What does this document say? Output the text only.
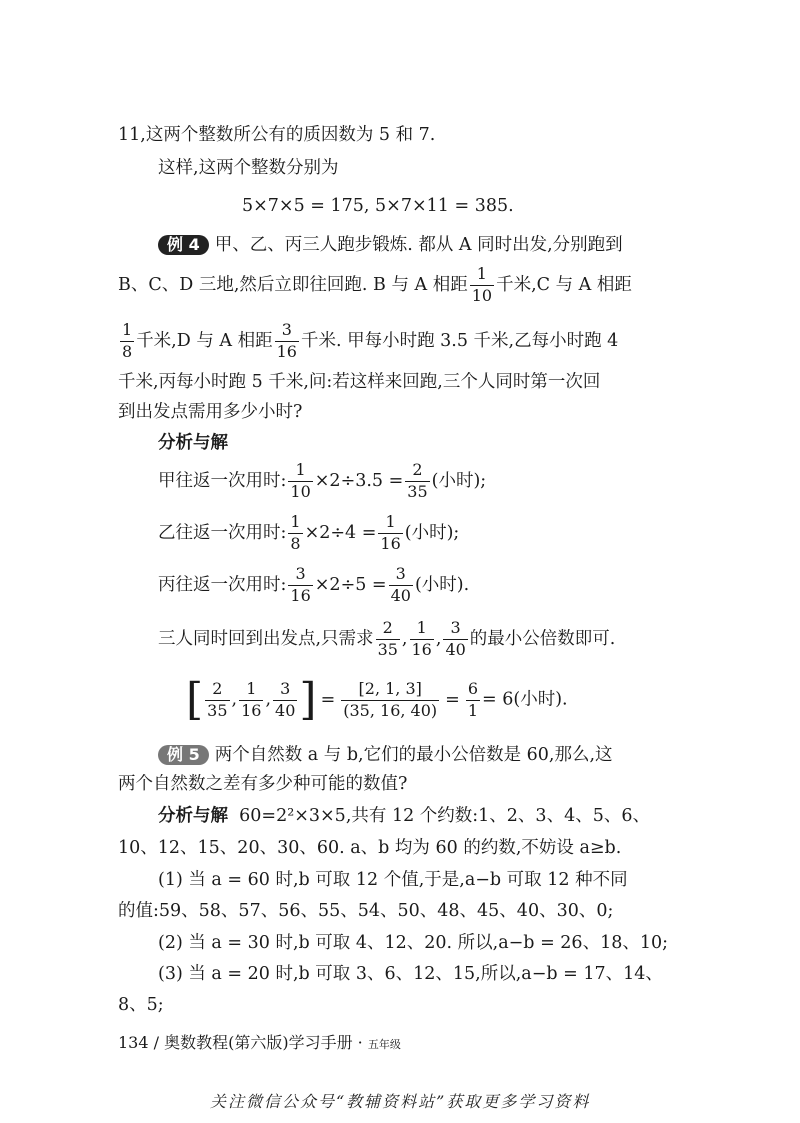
11,这两个整数所公有的质因数为 5 和 7.
这样,这两个整数分别为
5×7×5 = 175, 5×7×11 = 385.
例 4 甲、乙、丙三人跑步锻炼. 都从 A 同时出发,分别跑到
B、C、D 三地,然后立即往回跑. B 与 A 相距 $\frac{1}{10}$ 千米,C 与 A 相距
$\frac{1}{8}$ 千米,D 与 A 相距 $\frac{3}{16}$ 千米. 甲每小时跑 3.5 千米,乙每小时跑 4
千米,丙每小时跑 5 千米,问:若这样来回跑,三个人同时第一次回
到出发点需用多少小时?
分析与解
甲往返一次用时: $\frac{1}{10} \times 2\div 3.5 = \frac{2}{35}$ (小时);
乙往返一次用时: $\frac{1}{8} \times 2\div 4 = \frac{1}{16}$ (小时);
丙往返一次用时: $\frac{3}{16} \times 2\div 5 = \frac{3}{40}$ (小时).
三人同时回到出发点,只需求 $\frac{2}{35}$ , $\frac{1}{16}$ , $\frac{3}{40}$ 的最小公倍数即可.
[ $\frac{2}{35}$ , $\frac{1}{16}$ , $\frac{3}{40}$ ] = $\frac{[2, 1, 3]}{(35, 16, 40)} = \frac{6}{1} = 6$(小时).
例 5 两个自然数 a 与 b,它们的最小公倍数是 60,那么,这
两个自然数之差有多少种可能的数值?
分析与解 60=2²×3×5,共有 12 个约数:1、2、3、4、5、6、
10、12、15、20、30、60. a、b 均为 60 的约数,不妨设 a≥b.
(1) 当 a = 60 时,b 可取 12 个值,于是,a−b 可取 12 种不同
的值:59、58、57、56、55、54、50、48、45、40、30、0;
(2) 当 a = 30 时,b 可取 4、12、20. 所以,a−b = 26、18、10;
(3) 当 a = 20 时,b 可取 3、6、12、15,所以,a−b = 17、14、
8、5;
134 / 奥数教程(第六版)学习手册 · 五年级
关注微信公众号“教辅资料站”获取更多学习资料
